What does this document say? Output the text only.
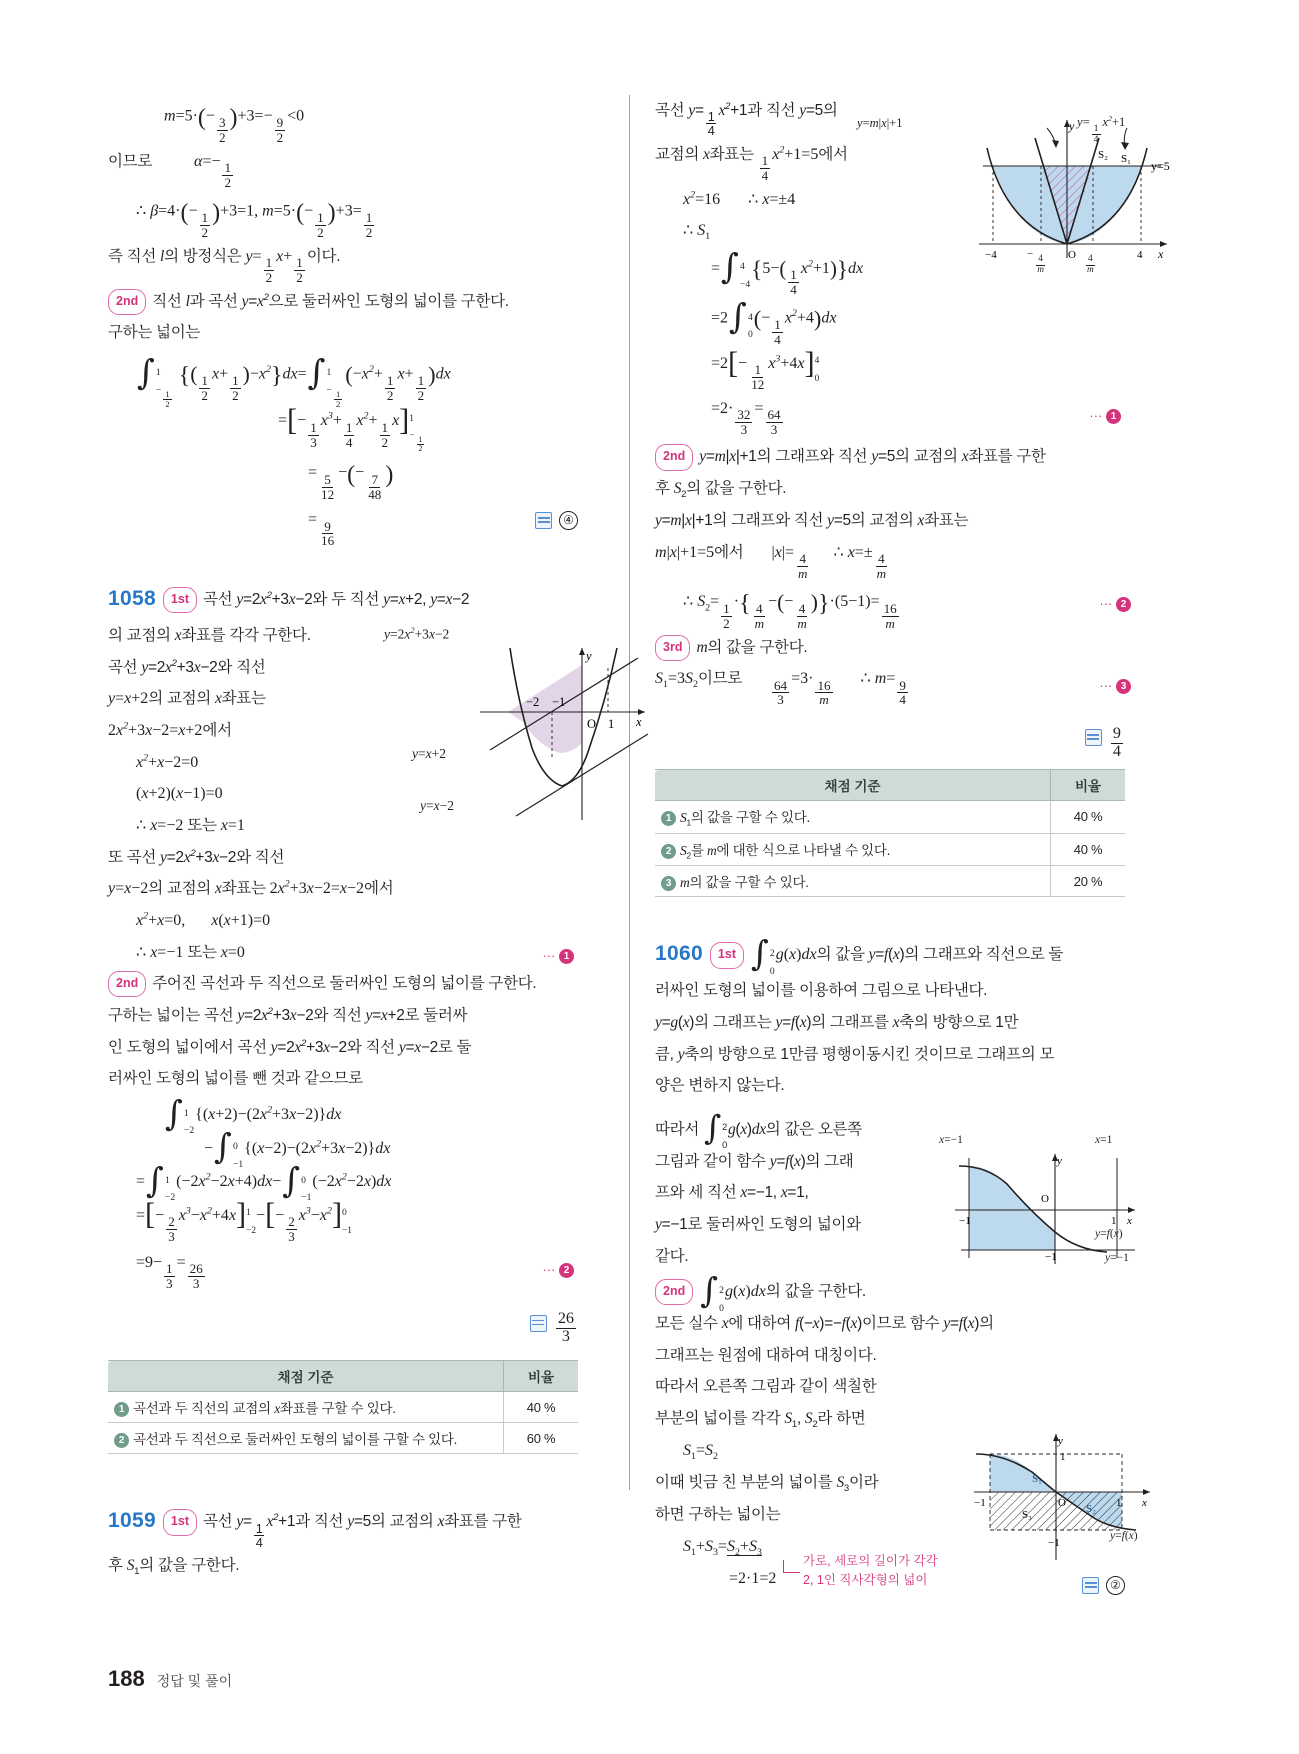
$m=5\cdot(- \frac{3}{2} )+3=- \frac{9}{2} <0$
이므로	$\alpha=- \frac{1}{2}$
∴ $\beta=4\cdot(- \frac{1}{2} )+3=1$, $m=5\cdot(- \frac{1}{2} )+3= \frac{1}{2}$
즉 직선 l의 방정식은 $y= \frac{1}{2} x+ \frac{1}{2}$ 이다.
2nd 직선 l과 곡선 $y=x^2$으로 둘러싸인 도형의 넓이를 구한다.
구하는 넓이는
∫ 1
− $\frac{1}{2}$
{( $\frac{1}{2} x+ \frac{1}{2} )-x^2\}dx=$ ∫ 1
− $\frac{1}{2}$
$(-x^2+ \frac{1}{2} x+ \frac{1}{2} )dx$
= [ − $\frac{1}{3} x^3+ \frac{1}{4} x^2+ \frac{1}{2}$ x ] 1
− $\frac{1}{2}$
= $\frac{5}{12}$ −(− $\frac{7}{48}$ )
= $\frac{9}{16}$	④
1058 1st 곡선 $y=2x^2+3x-2$와 두 직선 y=x+2, y=x−2
의 교점의 x좌표를 각각 구한다.
곡선 $y=2x^2+3x-2$와 직선
y=x+2의 교점의 x좌표는
$2x^2+3x-2=x+2$에서
$x^2+x-2=0$
(x+2)(x−1)=0
∴ x=−2 또는 x=1
또 곡선 $y=2x^2+3x-2$와 직선
y=x−2의 교점의 x좌표는 $2x^2+3x-2=x-2$에서
$x^2+x=0$, x(x+1)=0
∴ x=−1 또는 x=0	··· 1
2nd 주어진 곡선과 두 직선으로 둘러싸인 도형의 넓이를 구한다.
구하는 넓이는 곡선 $y=2x^2+3x-2$와 직선 y=x+2로 둘러싸
인 도형의 넓이에서 곡선 $y=2x^2+3x-2$와 직선 y=x−2로 둘
러싸인 도형의 넓이를 뺀 것과 같으므로
∫ 1
−2
$\{(x+2)-(2x^2+3x-2)\}dx$
− ∫ 0
−1
$\{(x-2)-(2x^2+3x-2)\}dx$
= ∫ 1
−2
$(-2x^2-2x+4)dx-$ ∫ 0
−1
$(-2x^2-2x)dx$
= [ − $\frac{2}{3} x^3-x^2+4x$ ] 1
−2
− [ − $\frac{2}{3} x^3-x^2$ ] 0
−1
$=9- \frac{1}{3} = \frac{26}{3}$	··· 2
$\frac{26}{3}$
채점 기준	비율
1 곡선과 두 직선의 교점의 x좌표를 구할 수 있다.	40 %
2 곡선과 두 직선으로 둘러싸인 도형의 넓이를 구할 수 있다.	60 %
1059 1st 곡선 $y= \frac{1}{4} x^2+1$과 직선 y=5의 교점의 x좌표를 구한
후 $S_1$의 값을 구한다.
−2 −1
O 1 x
y
$y=2x^2+3x-2$
y=x+2
y=x−2
곡선 $y= \frac{1}{4} x^2+1$과 직선 y=5의
교점의 x좌표는 $\frac{1}{4} x^2+1=5$에서
$x^2=16$ ∴ x=±4
∴ $S_1$
= ∫ 4
−4
$\{5-( \frac{1}{4} x^2+1)\}dx$
=2 ∫ 4
0
(− $\frac{1}{4} x^2+4)dx$
=2 [ − $\frac{1}{12} x^3+4x$ ] 4
0
$=2\cdot \frac{32}{3} = \frac{64}{3}$	··· 1
2nd y=m|x|+1의 그래프와 직선 y=5의 교점의 x좌표를 구한
후 $S_2$의 값을 구한다.
y=m|x|+1의 그래프와 직선 y=5의 교점의 x좌표는
m|x|+1=5에서 $|x|= \frac{4}{m}$ ∴ $x=\pm \frac{4}{m}$
∴ $S_2= \frac{1}{2}$ ·{ $\frac{4}{m}$ −(− $\frac{4}{m} )\}\cdot(5-1)= \frac{16}{m}$	··· 2
3rd m의 값을 구한다.
$S_1=3S_2$이므로 $\frac{64}{3} =3\cdot \frac{16}{m}$ ∴ $m= \frac{9}{4}$	··· 3
$\frac{9}{4}$
채점 기준	비율
1 $S_1$의 값을 구할 수 있다.	40 %
2 $S_2$를 m에 대한 식으로 나타낼 수 있다.	40 %
3 m의 값을 구할 수 있다.	20 %
1060 1st ∫ 2
0
g(x)dx의 값을 y=f(x)의 그래프와 직선으로 둘
러싸인 도형의 넓이를 이용하여 그림으로 나타낸다.
y=g(x)의 그래프는 y=f(x)의 그래프를 x축의 방향으로 1만
큼, y축의 방향으로 1만큼 평행이동시킨 것이므로 그래프의 모
양은 변하지 않는다.
따라서 ∫ 2
0
g(x)dx의 값은 오른쪽
그림과 같이 함수 y=f(x)의 그래
프와 세 직선 x=−1, x=1,
y=−1로 둘러싸인 도형의 넓이와
같다.
2nd ∫ 2
0
g(x)dx의 값을 구한다.
모든 실수 x에 대하여 f(−x)=−f(x)이므로 함수 y=f(x)의
그래프는 원점에 대하여 대칭이다.
따라서 오른쪽 그림과 같이 색칠한
부분의 넓이를 각각 $S_1$, $S_2$라 하면
$S_1=S_2$
이때 빗금 친 부분의 넓이를 $S_3$이라
하면 구하는 넓이는
$S_1+S_3=S_2+S_3$
=2·1=2
가로, 세로의 길이가 각각
2, 1인 직사각형의 넓이	②
y
x
y=5
S₂ S₁
O
−4	4
y=m|x|+1	y=
$\frac{1}{4}$
$x^2+1$
−
$\frac{4}{m}$	$\frac{4}{m}$
−1	1
O
−1
y
x
x=−1	x=1
y=f(x)
y=−1
y
1
x
O
−1	1
−1
S₁
S₂
S₃
y=f(x)
188 정답 및 풀이
